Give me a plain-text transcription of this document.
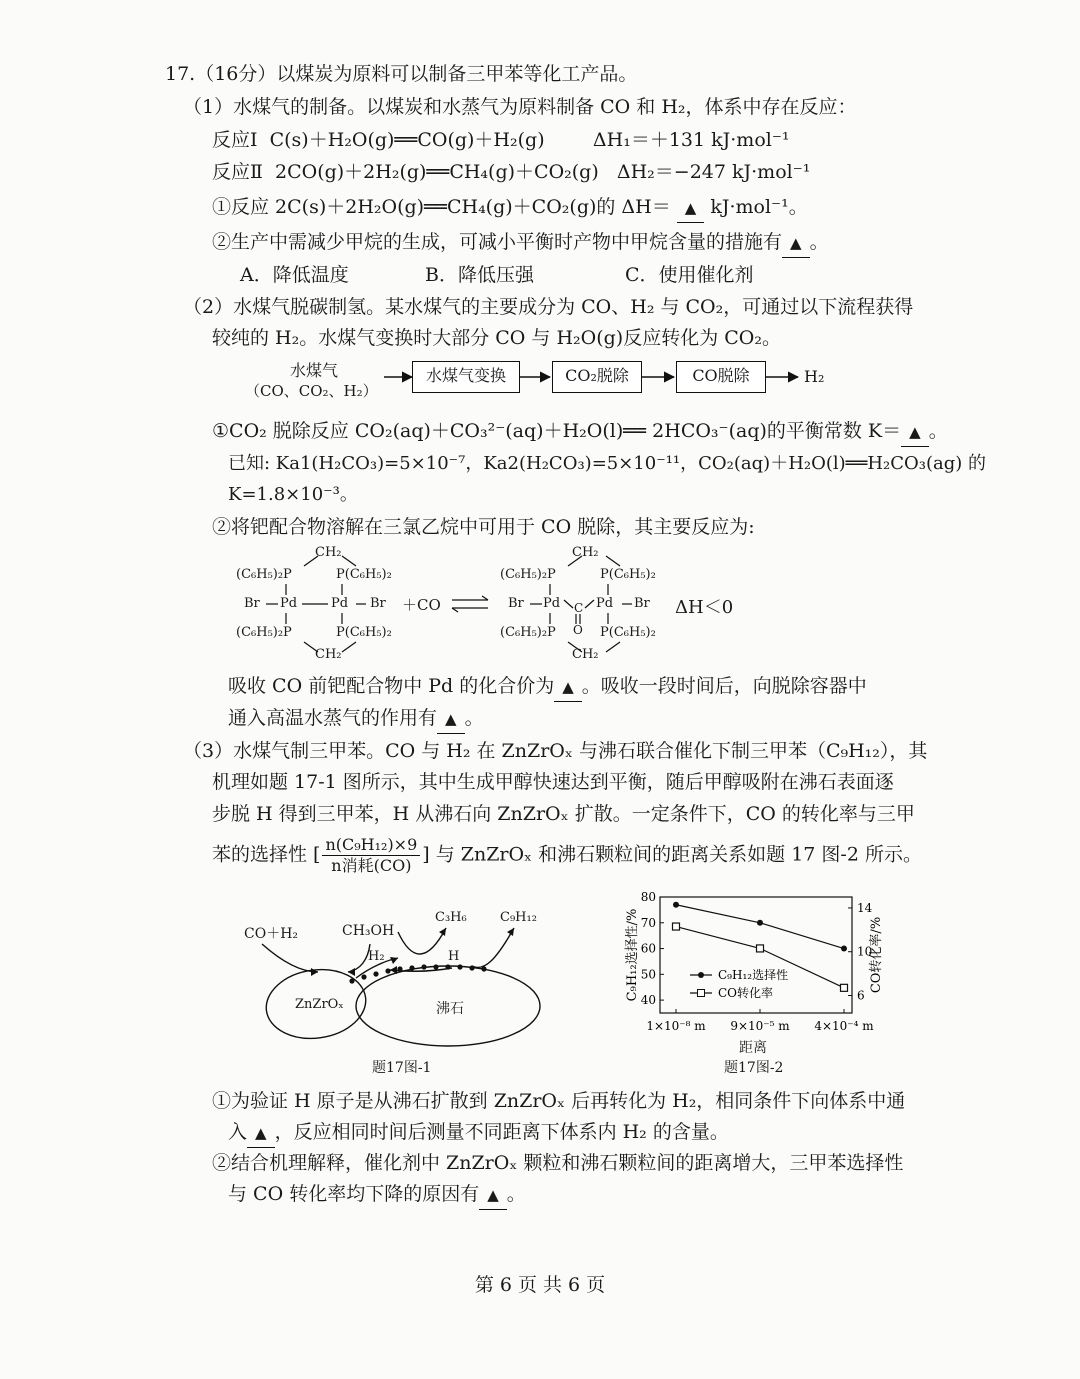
17.（16分）以煤炭为原料可以制备三甲苯等化工产品。
（1）水煤气的制备。以煤炭和水蒸气为原料制备 CO 和 H₂，体系中存在反应：
反应Ⅰ  C(s)＋H₂O(g)══CO(g)＋H₂(g)        ΔH₁＝＋131 kJ·mol⁻¹
反应Ⅱ  2CO(g)＋2H₂(g)══CH₄(g)＋CO₂(g)   ΔH₂＝−247 kJ·mol⁻¹
①反应 2C(s)＋2H₂O(g)══CH₄(g)＋CO₂(g)的 ΔH＝ ▲ kJ·mol⁻¹。
②生产中需减少甲烷的生成，可减小平衡时产物中甲烷含量的措施有 ▲ 。
A．降低温度	B．降低压强	C．使用催化剂
（2）水煤气脱碳制氢。某水煤气的主要成分为 CO、H₂ 与 CO₂，可通过以下流程获得
较纯的 H₂。水煤气变换时大部分 CO 与 H₂O(g)反应转化为 CO₂。
水煤气
（CO、CO₂、H₂）
水煤气变换	CO₂脱除	CO脱除	H₂
①CO₂ 脱除反应 CO₂(aq)＋CO₃²⁻(aq)＋H₂O(l)══ 2HCO₃⁻(aq)的平衡常数 K＝ ▲ 。
已知: Ka1(H₂CO₃)=5×10⁻⁷，Ka2(H₂CO₃)=5×10⁻¹¹，CO₂(aq)＋H₂O(l)══H₂CO₃(ag) 的
K=1.8×10⁻³。
②将钯配合物溶解在三氯乙烷中可用于 CO 脱除，其主要反应为:
CH₂
(C₆H₅)₂P	P(C₆H₅)₂
Br Pd	Pd Br
(C₆H₅)₂P	P(C₆H₅)₂
CH₂
＋CO
CH₂
(C₆H₅)₂P	P(C₆H₅)₂
Br Pd C Pd Br
O
(C₆H₅)₂P	P(C₆H₅)₂
CH₂
ΔH＜0
吸收 CO 前钯配合物中 Pd 的化合价为 ▲ 。吸收一段时间后，向脱除容器中
通入高温水蒸气的作用有 ▲ 。
（3）水煤气制三甲苯。CO 与 H₂ 在 ZnZrOₓ 与沸石联合催化下制三甲苯（C₉H₁₂），其
机理如题 17-1 图所示，其中生成甲醇快速达到平衡，随后甲醇吸附在沸石表面逐
步脱 H 得到三甲苯，H 从沸石向 ZnZrOₓ 扩散。一定条件下，CO 的转化率与三甲
苯的选择性 [ $\frac{\text{n(C₉H₁₂)×9}}{\text{n消耗(CO)}}$ ] 与 ZnZrOₓ 和沸石颗粒间的距离关系如题 17 图-2 所示。
CO＋H₂	CH₃OH
C₃H₆	C₉H₁₂
H₂	H
ZnZrOₓ	沸石
题17图-1
40
50
60
70
80
6
10
14
1×10⁻⁸ m 9×10⁻⁵ m 4×10⁻⁴ m
C₉H₁₂选择性/%	CO转化率/%
C₉H₁₂选择性
CO转化率
距离
题17图-2
①为验证 H 原子是从沸石扩散到 ZnZrOₓ 后再转化为 H₂，相同条件下向体系中通
入 ▲ ，反应相同时间后测量不同距离下体系内 H₂ 的含量。
②结合机理解释，催化剂中 ZnZrOₓ 颗粒和沸石颗粒间的距离增大，三甲苯选择性
与 CO 转化率均下降的原因有 ▲ 。
第 6 页 共 6 页
